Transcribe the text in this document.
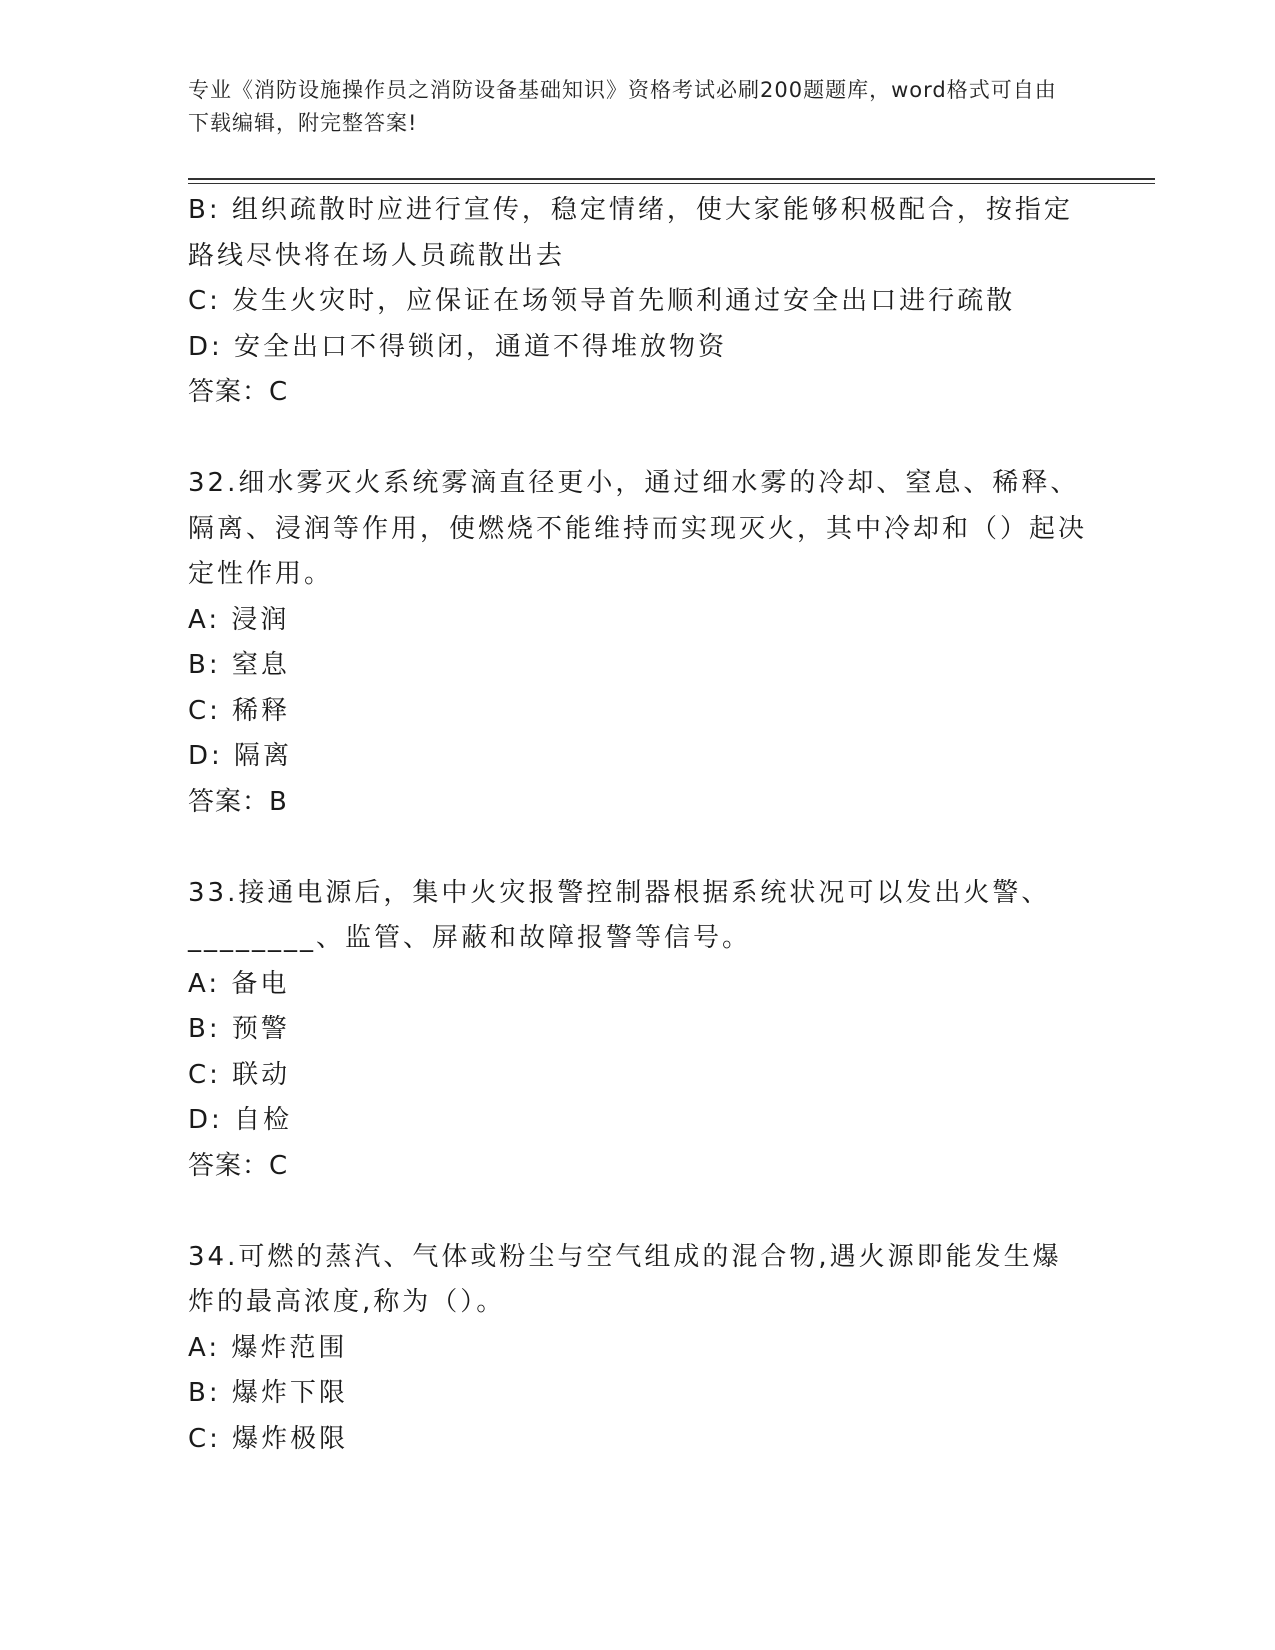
专业《消防设施操作员之消防设备基础知识》资格考试必刷200题题库，word格式可自由下载编辑，附完整答案!
B: 组织疏散时应进行宣传，稳定情绪，使大家能够积极配合，按指定路线尽快将在场人员疏散出去
C: 发生火灾时，应保证在场领导首先顺利通过安全出口进行疏散
D: 安全出口不得锁闭，通道不得堆放物资
答案：C
32.细水雾灭火系统雾滴直径更小，通过细水雾的冷却、窒息、稀释、隔离、浸润等作用，使燃烧不能维持而实现灭火，其中冷却和（）起决定性作用。
A: 浸润
B: 窒息
C: 稀释
D: 隔离
答案：B
33.接通电源后，集中火灾报警控制器根据系统状况可以发出火警、________、监管、屏蔽和故障报警等信号。
A: 备电
B: 预警
C: 联动
D: 自检
答案：C
34.可燃的蒸汽、气体或粉尘与空气组成的混合物,遇火源即能发生爆炸的最高浓度,称为（）。
A: 爆炸范围
B: 爆炸下限
C: 爆炸极限
